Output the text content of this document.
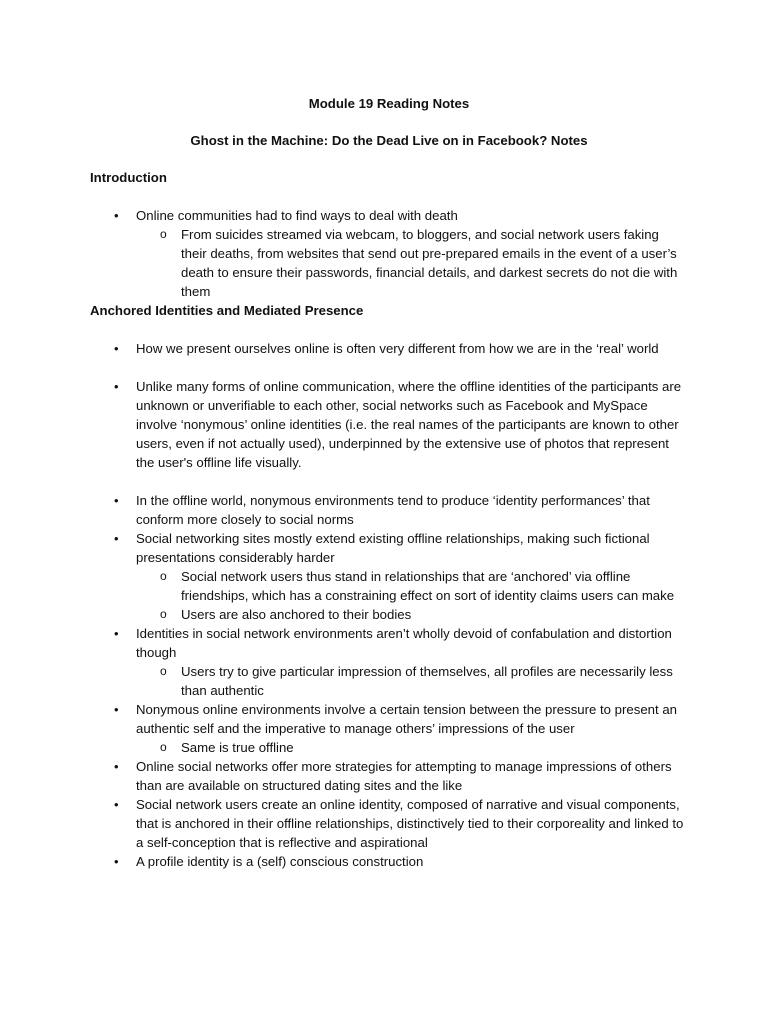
Module 19 Reading Notes

Ghost in the Machine: Do the Dead Live on in Facebook? Notes

Introduction

• Online communities had to find ways to deal with death
o From suicides streamed via webcam, to bloggers, and social network users faking their deaths, from websites that send out pre-prepared emails in the event of a user’s death to ensure their passwords, financial details, and darkest secrets do not die with them

Anchored Identities and Mediated Presence

• How we present ourselves online is often very different from how we are in the ‘real’ world
• Unlike many forms of online communication, where the offline identities of the participants are unknown or unverifiable to each other, social networks such as Facebook and MySpace involve ‘nonymous’ online identities (i.e. the real names of the participants are known to other users, even if not actually used), underpinned by the extensive use of photos that represent the user's offline life visually.
• In the offline world, nonymous environments tend to produce ‘identity performances’ that conform more closely to social norms
• Social networking sites mostly extend existing offline relationships, making such fictional presentations considerably harder
o Social network users thus stand in relationships that are ‘anchored’ via offline friendships, which has a constraining effect on sort of identity claims users can make
o Users are also anchored to their bodies
• Identities in social network environments aren’t wholly devoid of confabulation and distortion though
o Users try to give particular impression of themselves, all profiles are necessarily less than authentic
• Nonymous online environments involve a certain tension between the pressure to present an authentic self and the imperative to manage others’ impressions of the user
o Same is true offline
• Online social networks offer more strategies for attempting to manage impressions of others than are available on structured dating sites and the like
• Social network users create an online identity, composed of narrative and visual components, that is anchored in their offline relationships, distinctively tied to their corporeality and linked to a self-conception that is reflective and aspirational
• A profile identity is a (self) conscious construction
